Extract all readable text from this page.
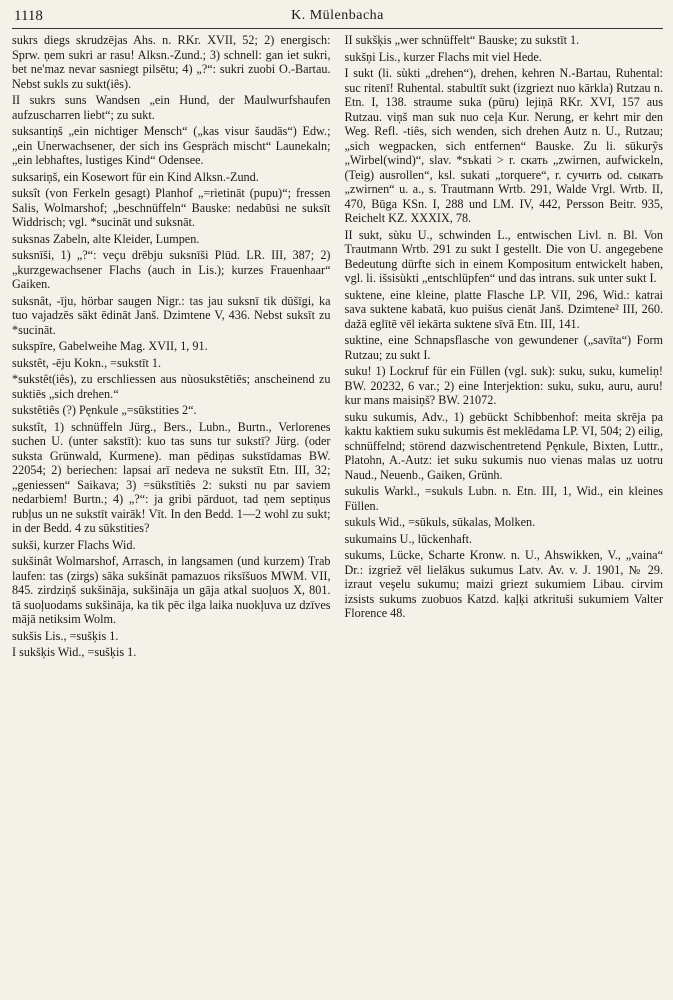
1118	K. Mülenbacha

sukrs diegs skrudzējas Ahs. n. RKr. XVII, 52; 2) energisch: Sprw. ņem sukri ar rasu! Alksn.-Zund.; 3) schnell: gan iet sukri, bet ne'maz nevar sasniegt pilsētu; 4) „?“: sukri zuobi O.-Bartau. Nebst sukls zu sukt(iês).

II sukrs suns Wandsen „ein Hund, der Maulwurfshaufen aufzuscharren liebt“; zu sukt.

suksantiņš „ein nichtiger Mensch“ („kas visur šaudās“) Edw.; „ein Unerwachsener, der sich ins Gespräch mischt“ Launekaln; „ein lebhaftes, lustiges Kind“ Odensee.

suksariņš, ein Kosewort für ein Kind Alksn.-Zund.

suksît (von Ferkeln gesagt) Planhof „=rietināt (pupu)“; fressen Salis, Wolmarshof; „beschnüffeln“ Bauske: nedabūsi ne suksīt Widdrisch; vgl. *sucināt und suksnāt.

suksnas Zabeln, alte Kleider, Lumpen.

suksnīši, 1) „?“: veçu drēbju suksnīši Plūd. LR. III, 387; 2) „kurzgewachsener Flachs (auch in Lis.); kurzes Frauenhaar“ Gaiken.

suksnât, -īju, hörbar saugen Nigr.: tas jau suksnī tik dūšīgi, ka tuo vajadzēs sākt ēdināt Janš. Dzimtene V, 436. Nebst suksīt zu *sucināt.

sukspīre, Gabelweihe Mag. XVII, 1, 91.

sukstêt, -ēju Kokn., =sukstīt 1.

*sukstêt(iês), zu erschliessen aus nùosukstētiēs; anscheinend zu suktiēs „sich drehen.“

sukstêtiês (?) Pęnkule „=sūkstities 2“.

sukstît, 1) schnüffeln Jürg., Bers., Lubn., Burtn., Verlorenes suchen U. (unter sakstīt): kuo tas suns tur sukstī? Jürg. (oder suksta Grünwald, Kurmene). man pēdiņas sukstīdamas BW. 22054; 2) beriechen: lapsai arī nedeva ne sukstīt Etn. III, 32; „geniessen“ Saikava; 3) =sūkstītiês 2: suksti nu par saviem nedarbiem! Burtn.; 4) „?“: ja gribi pārduot, tad ņem septiņus rubļus un ne sukstīt vairāk! Vīt. In den Bedd. 1—2 wohl zu sukt; in der Bedd. 4 zu sūkstities?

sukši, kurzer Flachs Wid.

sukšinât Wolmarshof, Arrasch, in langsamen (und kurzem) Trab laufen: tas (zirgs) sāka sukšināt pamazuos riksīšuos MWM. VII, 845. zirdziņš sukšināja, sukšināja un gāja atkal suoļuos X, 801. tā suoļuodams sukšināja, ka tik pēc ilga laika nuokļuva uz dzīves mājā netiksim Wolm.

sukšis Lis., =sušķis 1.

I sukšķis Wid., =sušķis 1.

II sukšķis „wer schnüffelt“ Bauske; zu sukstīt 1.

sukšņi Lis., kurzer Flachs mit viel Hede.

I sukt (li. sùkti „drehen“), drehen, kehren N.-Bartau, Ruhental: suc ritenī! Ruhental. stabultīt sukt (izgriezt nuo kārkla) Rutzau n. Etn. I, 138. straume suka (pūru) lejiņā RKr. XVI, 157 aus Rutzau. viņš man suk nuo ceļa Kur. Nerung, er kehrt mir den Weg. Refl. -tiês, sich wenden, sich drehen Autz n. U., Rutzau; „sich wegpacken, sich entfernen“ Bauske. Zu li. sūkurỹs „Wirbel(wind)“, slav. *sъkati > r. скать „zwirnen, aufwickeln, (Teig) ausrollen“, ksl. sukati „torquere“, r. сучить od. сыкать „zwirnen“ u. a., s. Trautmann Wrtb. 291, Walde Vrgl. Wrtb. II, 470, Būga KSn. I, 288 und LM. IV, 442, Persson Beitr. 935, Reichelt KZ. XXXIX, 78.

II sukt, sùku U., schwinden L., entwischen Livl. n. Bl. Von Trautmann Wrtb. 291 zu sukt I gestellt. Die von U. angegebene Bedeutung dürfte sich in einem Kompositum entwickelt haben, vgl. li. išsisùkti „entschlüpfen“ und das intrans. suk unter sukt I.

suktene, eine kleine, platte Flasche LP. VII, 296, Wid.: katrai sava suktene kabatā, kuo puišus cienāt Janš. Dzimtene² III, 260. dažā eglītē vēl iekārta suktene sīvā Etn. III, 141.

suktine, eine Schnapsflasche von gewundener („savīta“) Form Rutzau; zu sukt I.

suku! 1) Lockruf für ein Füllen (vgl. suk): suku, suku, kumeliņ! BW. 20232, 6 var.; 2) eine Interjektion: suku, suku, auru, auru! kur mans maisiņš? BW. 21072.

suku sukumis, Adv., 1) gebückt Schibbenhof: meita skrēja pa kaktu kaktiem suku sukumis ēst meklēdama LP. VI, 504; 2) eilig, schnüffelnd; störend dazwischentretend Pęnkule, Bixten, Luttr., Platohn, A.-Autz: iet suku sukumis nuo vienas malas uz uotru Naud., Neuenb., Gaiken, Grünh.

sukulis Warkl., =sukuls Lubn. n. Etn. III, 1, Wid., ein kleines Füllen.

sukuls Wid., =sūkuls, sūkalas, Molken.

sukumains U., lückenhaft.

sukums, Lücke, Scharte Kronw. n. U., Ahswikken, V., „vaina“ Dr.: izgriež vēl lielākus sukumus Latv. Av. v. J. 1901, № 29. izraut veşelu sukumu; maizi griezt sukumiem Libau. cirvim izsists sukums zuobuos Katzd. kaļķi atkrituši sukumiem Valter Florence 48.
